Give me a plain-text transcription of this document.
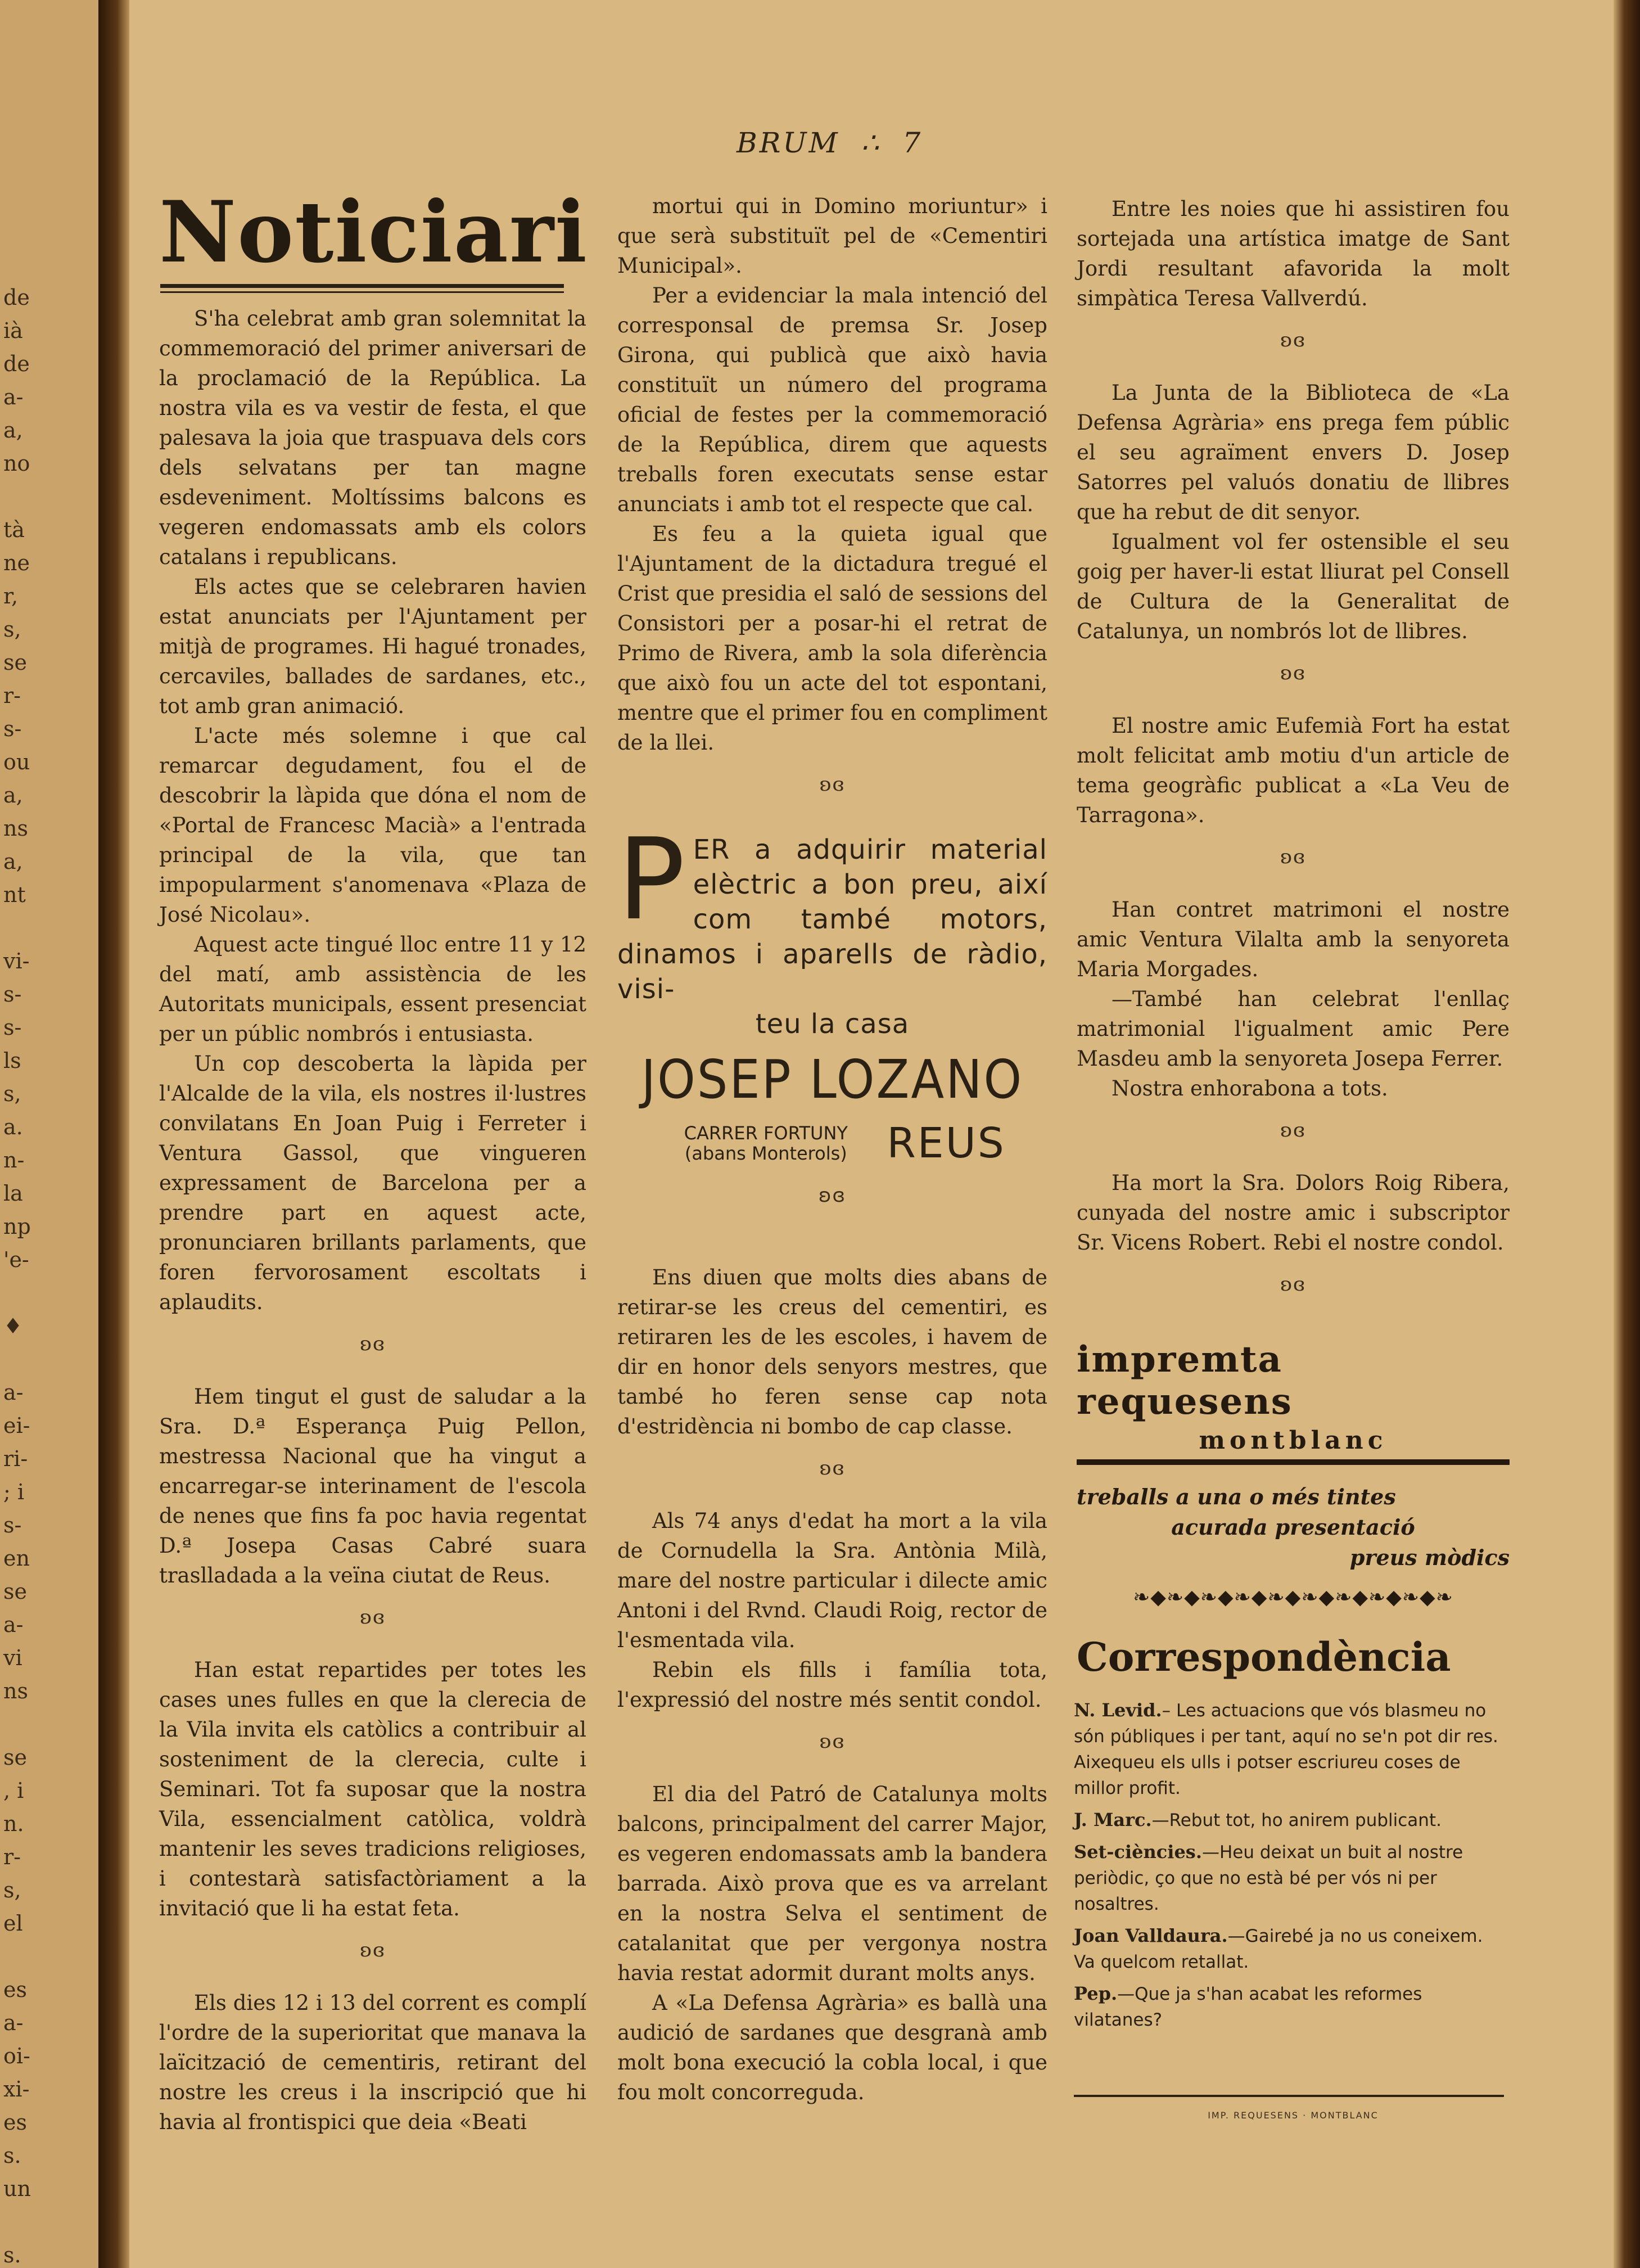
de
ià
de
a-
a,
no

tà
ne
r,
s,
se
r-
s-
ou
a,
ns
a,
nt

vi-
s-
s-
ls
s,
a.
n-
la
np
'e-

♦

a-
ei-
ri-
; i
s-
en
se
a-
vi
ns

se
, i
n.
r-
s,
el

es
a-
oi-
xi-
es
s.
un

s.
BRUM ∴ 7
Noticiari

S'ha celebrat amb gran solemnitat la commemoració del primer aniversari de la proclamació de la República. La nostra vila es va vestir de festa, el que palesava la joia que traspuava dels cors dels selvatans per tan magne esdeveniment. Moltíssims balcons es vegeren endomassats amb els colors catalans i republicans.

Els actes que se celebraren havien estat anunciats per l'Ajuntament per mitjà de programes. Hi hagué tronades, cercaviles, ballades de sardanes, etc., tot amb gran animació.

L'acte més solemne i que cal remarcar degudament, fou el de descobrir la làpida que dóna el nom de «Portal de Francesc Macià» a l'entrada principal de la vila, que tan impopularment s'anomenava «Plaza de José Nicolau».

Aquest acte tingué lloc entre 11 y 12 del matí, amb assistència de les Autoritats municipals, essent presenciat per un públic nombrós i entusiasta.

Un cop descoberta la làpida per l'Alcalde de la vila, els nostres il·lustres convilatans En Joan Puig i Ferreter i Ventura Gassol, que vingueren expressament de Barcelona per a prendre part en aquest acte, pronunciaren brillants parlaments, que foren fervorosament escoltats i aplaudits.

ʚɞ

Hem tingut el gust de saludar a la Sra. D.ª Esperança Puig Pellon, mestressa Nacional que ha vingut a encarregar-se interinament de l'escola de nenes que fins fa poc havia regentat D.ª Josepa Casas Cabré suara traslladada a la veïna ciutat de Reus.

ʚɞ

Han estat repartides per totes les cases unes fulles en que la clerecia de la Vila invita els catòlics a contribuir al sosteniment de la clerecia, culte i Seminari. Tot fa suposar que la nostra Vila, essencialment catòlica, voldrà mantenir les seves tradicions religioses, i contestarà satisfactòriament a la invitació que li ha estat feta.

ʚɞ

Els dies 12 i 13 del corrent es complí l'ordre de la superioritat que manava la laïcització de cementiris, retirant del nostre les creus i la inscripció que hi havia al frontispici que deia «Beati

mortui qui in Domino moriuntur» i que serà substituït pel de «Cementiri Municipal».

Per a evidenciar la mala intenció del corresponsal de premsa Sr. Josep Girona, qui publicà que això havia constituït un número del programa oficial de festes per la commemoració de la República, direm que aquests treballs foren executats sense estar anunciats i amb tot el respecte que cal.

Es feu a la quieta igual que l'Ajuntament de la dictadura tregué el Crist que presidia el saló de sessions del Consistori per a posar-hi el retrat de Primo de Rivera, amb la sola diferència que això fou un acte del tot espontani, mentre que el primer fou en compliment de la llei.

ʚɞ
P ER a adquirir material elèctric a bon preu, així com també motors, dinamos i aparells de ràdio, visi-
teu la casa
JOSEP LOZANO
CARRER FORTUNY
(abans Monterols) REUS
ʚɞ

Ens diuen que molts dies abans de retirar-se les creus del cementiri, es retiraren les de les escoles, i havem de dir en honor dels senyors mestres, que també ho feren sense cap nota d'estridència ni bombo de cap classe.

ʚɞ

Als 74 anys d'edat ha mort a la vila de Cornudella la Sra. Antònia Milà, mare del nostre particular i dilecte amic Antoni i del Rvnd. Claudi Roig, rector de l'esmentada vila.

Rebin els fills i família tota, l'expressió del nostre més sentit condol.

ʚɞ

El dia del Patró de Catalunya molts balcons, principalment del carrer Major, es vegeren endomassats amb la bandera barrada. Això prova que es va arrelant en la nostra Selva el sentiment de catalanitat que per vergonya nostra havia restat adormit durant molts anys.

A «La Defensa Agrària» es ballà una audició de sardanes que desgranà amb molt bona execució la cobla local, i que fou molt concorreguda.

Entre les noies que hi assistiren fou sortejada una artística imatge de Sant Jordi resultant afavorida la molt simpàtica Teresa Vallverdú.

ʚɞ

La Junta de la Biblioteca de «La Defensa Agrària» ens prega fem públic el seu agraïment envers D. Josep Satorres pel valuós donatiu de llibres que ha rebut de dit senyor.

Igualment vol fer ostensible el seu goig per haver-li estat lliurat pel Consell de Cultura de la Generalitat de Catalunya, un nombrós lot de llibres.

ʚɞ

El nostre amic Eufemià Fort ha estat molt felicitat amb motiu d'un article de tema geogràfic publicat a «La Veu de Tarragona».

ʚɞ

Han contret matrimoni el nostre amic Ventura Vilalta amb la senyoreta Maria Morgades.

—També han celebrat l'enllaç matrimonial l'igualment amic Pere Masdeu amb la senyoreta Josepa Ferrer.

Nostra enhorabona a tots.

ʚɞ

Ha mort la Sra. Dolors Roig Ribera, cunyada del nostre amic i subscriptor Sr. Vicens Robert. Rebi el nostre condol.

ʚɞ
impremta requesens
montblanc
treballs a una o més tintes
acurada presentació
preus mòdics
❧◆❧◆❧◆❧◆❧◆❧◆❧◆❧◆❧◆❧
Correspondència
N. Levid.– Les actuacions que vós blasmeu no són públiques i per tant, aquí no se'n pot dir res. Aixequeu els ulls i potser escriureu coses de millor profit.
J. Marc.—Rebut tot, ho anirem publicant.
Set-ciències.—Heu deixat un buit al nostre periòdic, ço que no està bé per vós ni per nosaltres.
Joan Valldaura.—Gairebé ja no us coneixem. Va quelcom retallat.
Pep.—Que ja s'han acabat les reformes vilatanes?
IMP. REQUESENS · MONTBLANC
